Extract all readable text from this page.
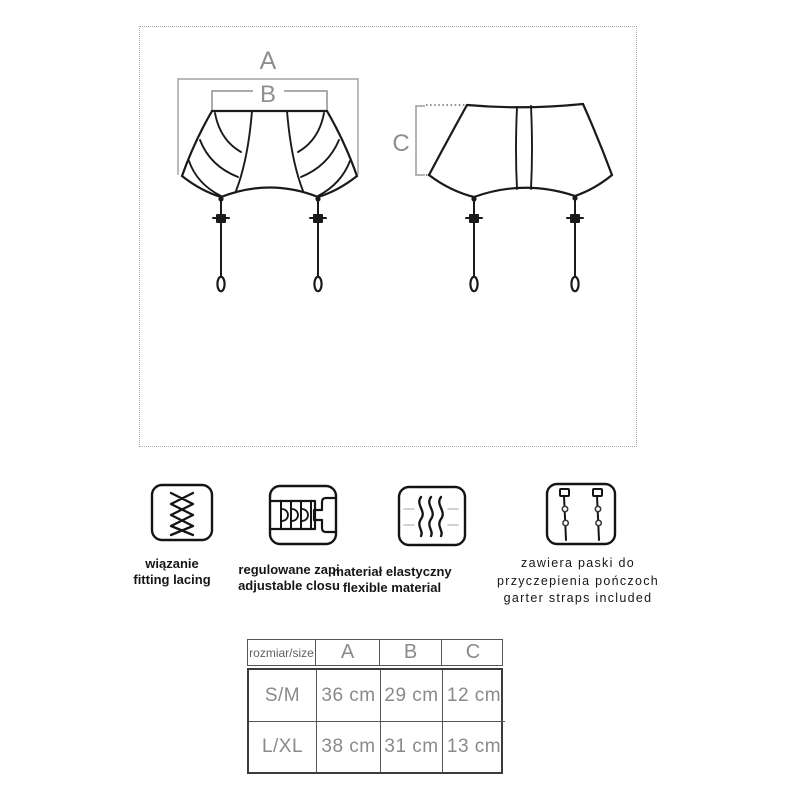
A
B
C
wiązanie
fitting lacing
regulowane zapi
adjustable closu
materiał elastyczny
flexible material
zawiera paski do
przyczepienia pończoch
garter straps included
rozmiar/size	A	B	C
S/M	36 cm 29 cm 12 cm
L/XL 38 cm 31 cm 13 cm
